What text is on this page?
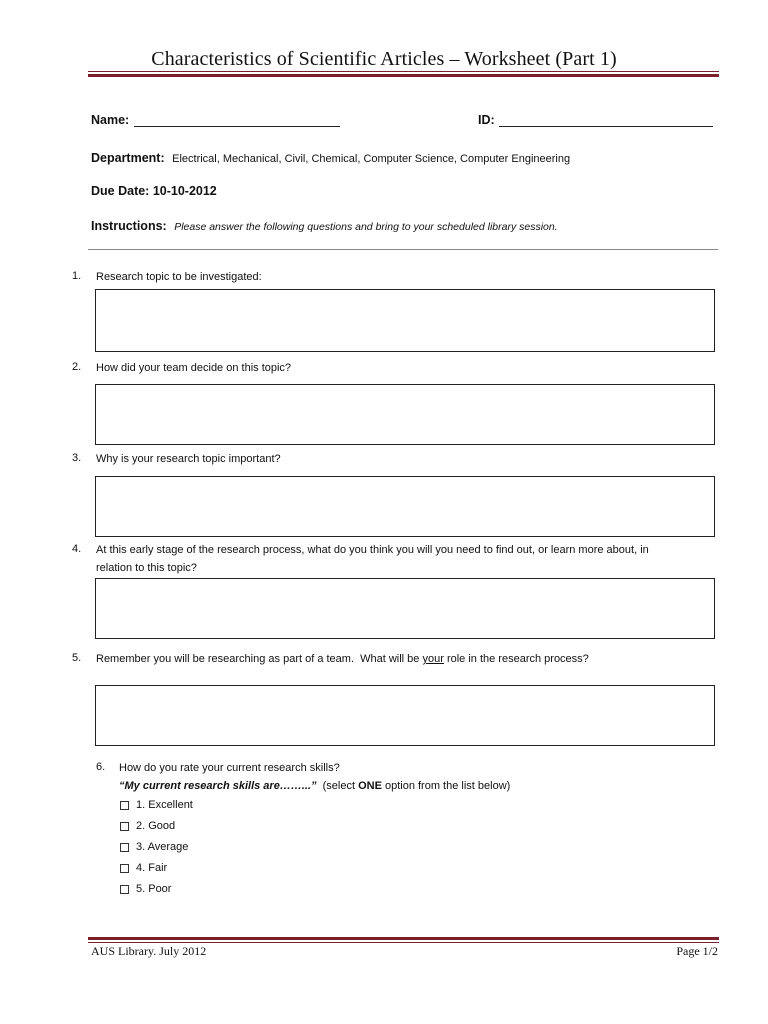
Characteristics of Scientific Articles – Worksheet (Part 1)
Name:	ID:
Department: Electrical, Mechanical, Civil, Chemical, Computer Science, Computer Engineering
Due Date: 10-10-2012
Instructions: Please answer the following questions and bring to your scheduled library session.
1. Research topic to be investigated:
2. How did your team decide on this topic?
3. Why is your research topic important?
4. At this early stage of the research process, what do you think you will you need to find out, or learn more about, in
relation to this topic?
5. Remember you will be researching as part of a team.  What will be your role in the research process?
6. How do you rate your current research skills?
“My current research skills are……...” (select ONE option from the list below)
1. Excellent
2. Good
3. Average
4. Fair
5. Poor
AUS Library. July 2012	Page 1/2
